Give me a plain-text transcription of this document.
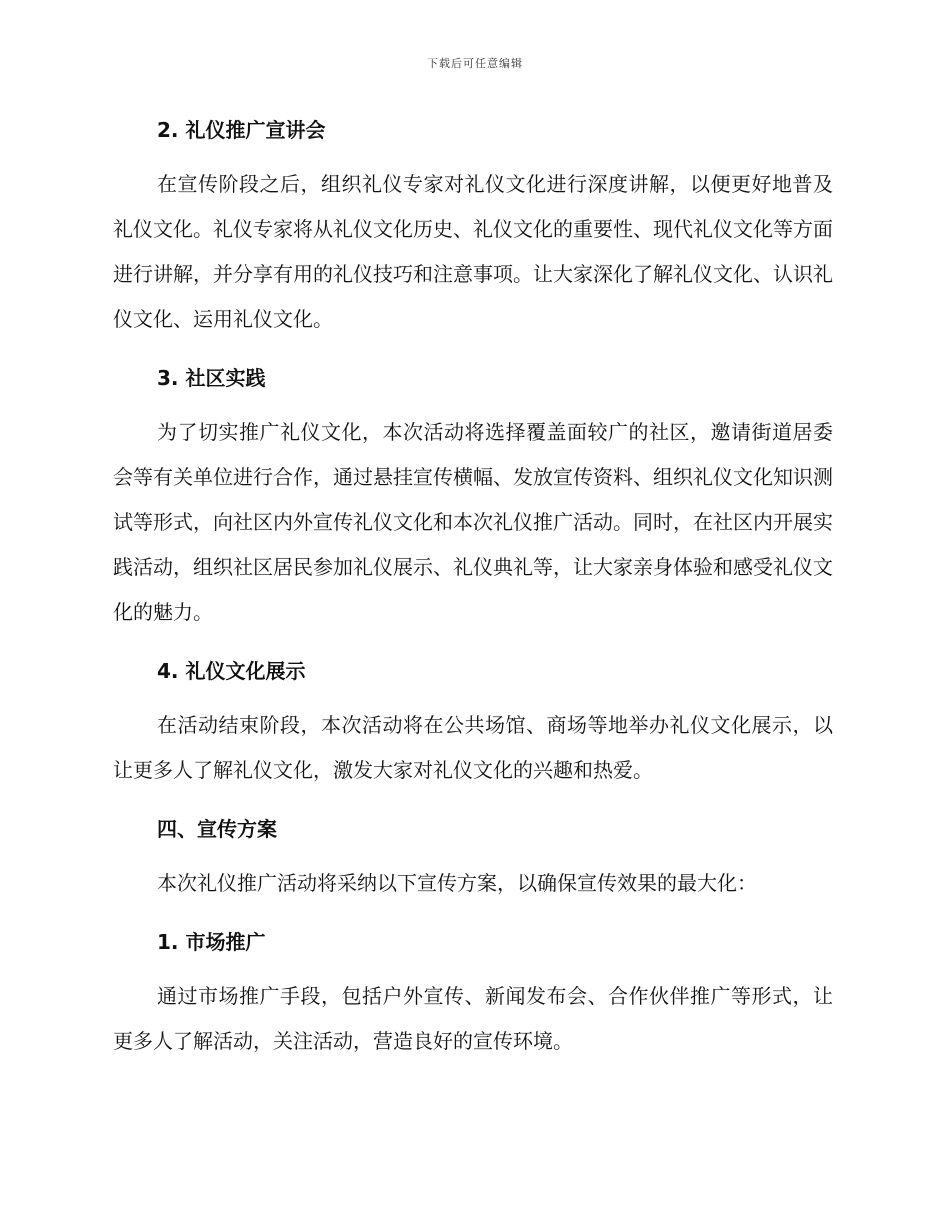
下载后可任意编辑
2. 礼仪推广宣讲会

在宣传阶段之后，组织礼仪专家对礼仪文化进行深度讲解，以便更好地普及礼仪文化。礼仪专家将从礼仪文化历史、礼仪文化的重要性、现代礼仪文化等方面进行讲解，并分享有用的礼仪技巧和注意事项。让大家深化了解礼仪文化、认识礼仪文化、运用礼仪文化。

3. 社区实践

为了切实推广礼仪文化，本次活动将选择覆盖面较广的社区，邀请街道居委会等有关单位进行合作，通过悬挂宣传横幅、发放宣传资料、组织礼仪文化知识测试等形式，向社区内外宣传礼仪文化和本次礼仪推广活动。同时，在社区内开展实践活动，组织社区居民参加礼仪展示、礼仪典礼等，让大家亲身体验和感受礼仪文化的魅力。

4. 礼仪文化展示

在活动结束阶段，本次活动将在公共场馆、商场等地举办礼仪文化展示，以让更多人了解礼仪文化，激发大家对礼仪文化的兴趣和热爱。

四、宣传方案

本次礼仪推广活动将采纳以下宣传方案，以确保宣传效果的最大化：

1. 市场推广

通过市场推广手段，包括户外宣传、新闻发布会、合作伙伴推广等形式，让更多人了解活动，关注活动，营造良好的宣传环境。
